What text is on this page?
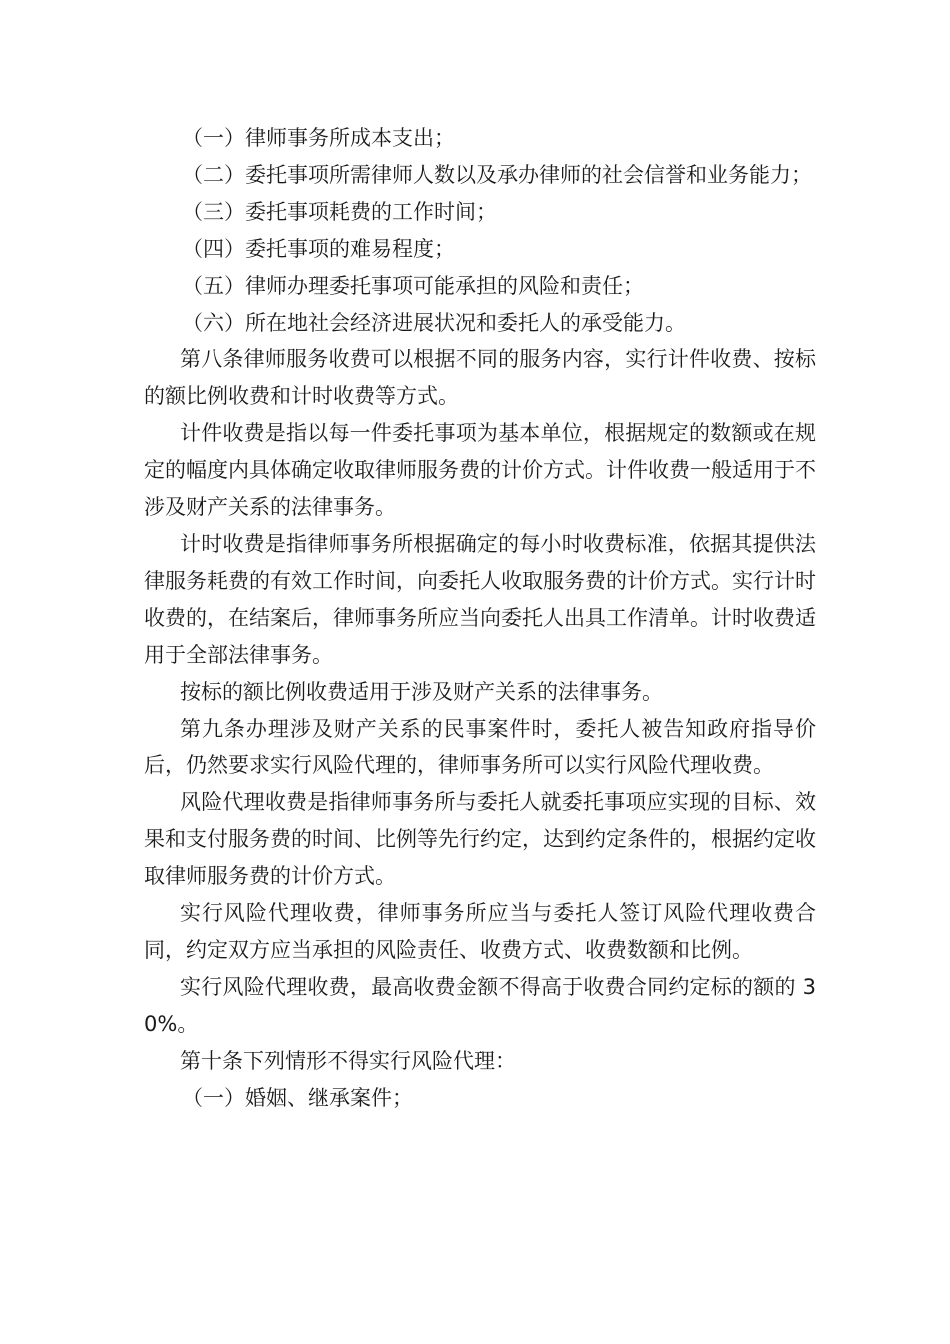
（一）律师事务所成本支出；

（二）委托事项所需律师人数以及承办律师的社会信誉和业务能力；

（三）委托事项耗费的工作时间；

（四）委托事项的难易程度；

（五）律师办理委托事项可能承担的风险和责任；

（六）所在地社会经济进展状况和委托人的承受能力。

第八条律师服务收费可以根据不同的服务内容，实行计件收费、按标的额比例收费和计时收费等方式。

计件收费是指以每一件委托事项为基本单位，根据规定的数额或在规定的幅度内具体确定收取律师服务费的计价方式。计件收费一般适用于不涉及财产关系的法律事务。

计时收费是指律师事务所根据确定的每小时收费标准，依据其提供法律服务耗费的有效工作时间，向委托人收取服务费的计价方式。实行计时收费的，在结案后，律师事务所应当向委托人出具工作清单。计时收费适用于全部法律事务。

按标的额比例收费适用于涉及财产关系的法律事务。

第九条办理涉及财产关系的民事案件时，委托人被告知政府指导价后，仍然要求实行风险代理的，律师事务所可以实行风险代理收费。

风险代理收费是指律师事务所与委托人就委托事项应实现的目标、效果和支付服务费的时间、比例等先行约定，达到约定条件的，根据约定收取律师服务费的计价方式。

实行风险代理收费，律师事务所应当与委托人签订风险代理收费合同，约定双方应当承担的风险责任、收费方式、收费数额和比例。

实行风险代理收费，最高收费金额不得高于收费合同约定标的额的 30%。

第十条下列情形不得实行风险代理：

（一）婚姻、继承案件；
